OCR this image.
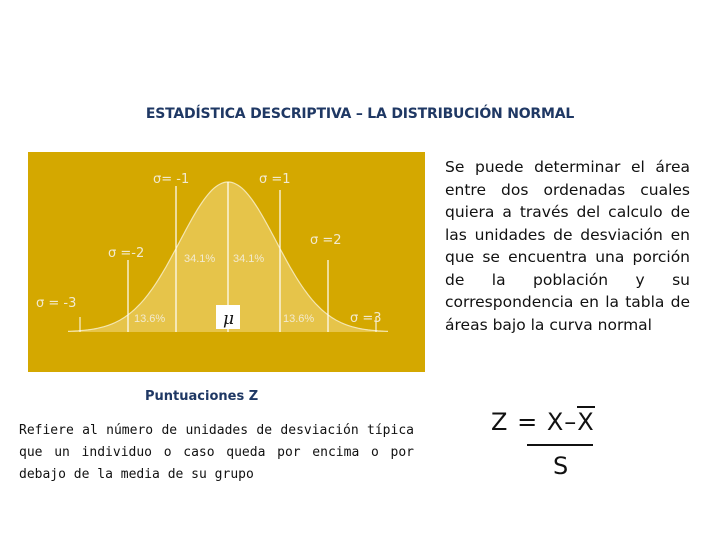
ESTADÍSTICA DESCRIPTIVA – LA DISTRIBUCIÓN NORMAL
σ= -1	σ =1
σ =-2
σ =2
σ = -3
σ =3
34.1% 34.1%
13.6%	13.6%
μ
Se puede determinar el área entre dos ordenadas cuales quiera a través del calculo de las unidades de desviación en que se encuentra una porción de la población y su correspondencia en la tabla de áreas bajo la curva normal
Puntuaciones Z
Refiere al número de unidades de desviación típica que un individuo o caso queda por encima o por debajo de la media de su grupo
Z = X–X
S
